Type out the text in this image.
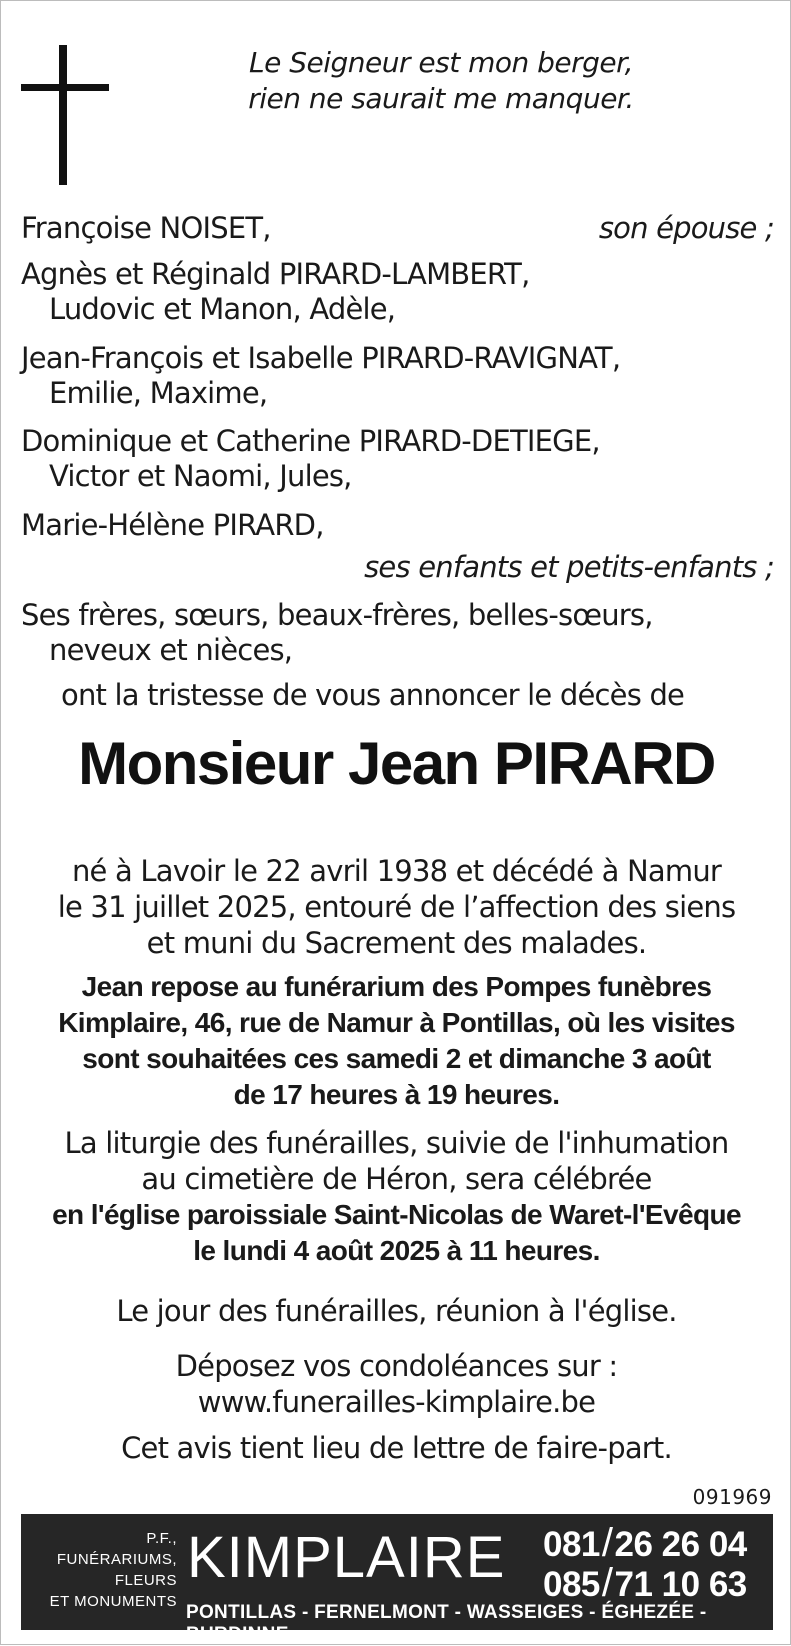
Le Seigneur est mon berger,
rien ne saurait me manquer.
Françoise NOISET,	son épouse ;
Agnès et Réginald PIRARD-LAMBERT,
Ludovic et Manon, Adèle,
Jean-François et Isabelle PIRARD-RAVIGNAT,
Emilie, Maxime,
Dominique et Catherine PIRARD-DETIEGE,
Victor et Naomi, Jules,
Marie-Hélène PIRARD,
ses enfants et petits-enfants ;
Ses frères, sœurs, beaux-frères, belles-sœurs,
neveux et nièces,
ont la tristesse de vous annoncer le décès de
Monsieur Jean PIRARD
né à Lavoir le 22 avril 1938 et décédé à Namur
le 31 juillet 2025, entouré de l’affection des siens
et muni du Sacrement des malades.
Jean repose au funérarium des Pompes funèbres
Kimplaire, 46, rue de Namur à Pontillas, où les visites
sont souhaitées ces samedi 2 et dimanche 3 août
de 17 heures à 19 heures.
La liturgie des funérailles, suivie de l'inhumation
au cimetière de Héron, sera célébrée
en l'église paroissiale Saint-Nicolas de Waret-l'Evêque
le lundi 4 août 2025 à 11 heures.
Le jour des funérailles, réunion à l'église.
Déposez vos condoléances sur :
www.funerailles-kimplaire.be
Cet avis tient lieu de lettre de faire-part.
091969
P.F.,
FUNÉRARIUMS,
FLEURS
ET MONUMENTS
KIMPLAIRE 081/26 26 04
085/71 10 63
PONTILLAS - FERNELMONT - WASSEIGES - ÉGHEZÉE - BURDINNE
